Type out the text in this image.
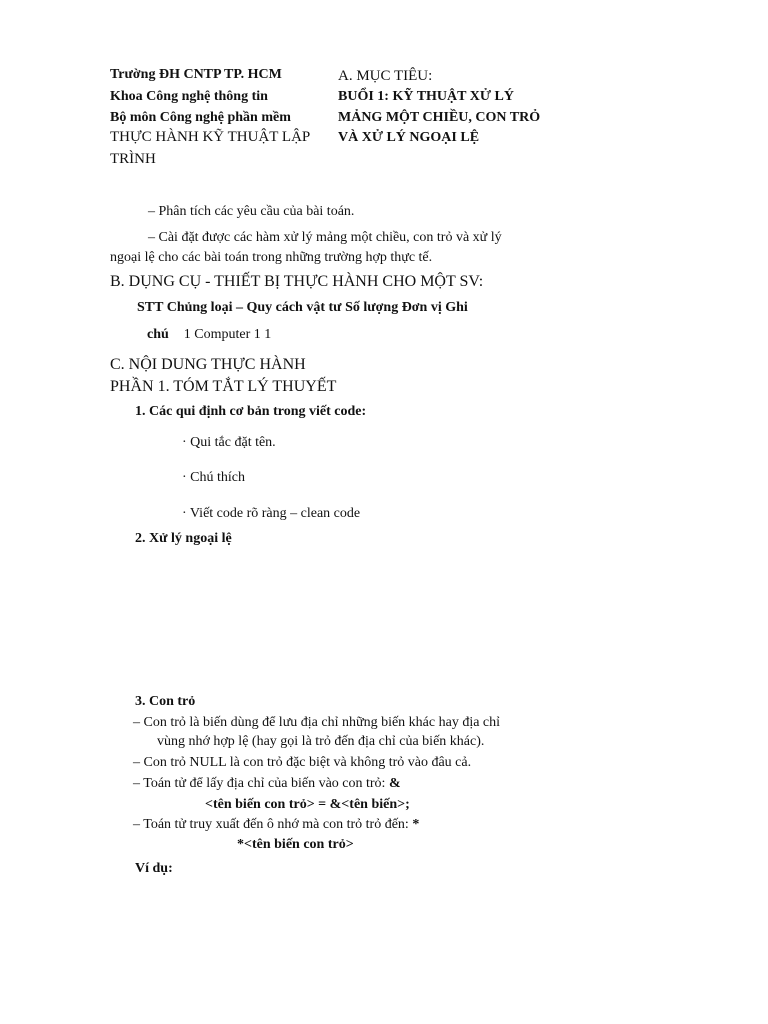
Trường ĐH CNTP TP. HCM
Khoa Công nghệ thông tin
Bộ môn Công nghệ phần mềm
THỰC HÀNH KỸ THUẬT LẬP
TRÌNH
A. MỤC TIÊU:
BUỔI 1: KỸ THUẬT XỬ LÝ
MẢNG MỘT CHIỀU, CON TRỎ
VÀ XỬ LÝ NGOẠI LỆ
– Phân tích các yêu cầu của bài toán.
– Cài đặt được các hàm xử lý mảng một chiều, con trỏ và xử lý
ngoại lệ cho các bài toán trong những trường hợp thực tế.
B. DỤNG CỤ - THIẾT BỊ THỰC HÀNH CHO MỘT SV:
STT Chủng loại – Quy cách vật tư Số lượng Đơn vị Ghi
chú 1 Computer 1 1
C. NỘI DUNG THỰC HÀNH
PHẦN 1. TÓM TẮT LÝ THUYẾT
1. Các qui định cơ bản trong viết code:
· Qui tắc đặt tên.
· Chú thích
· Viết code rõ ràng – clean code
2. Xử lý ngoại lệ
3. Con trỏ
– Con trỏ là biến dùng để lưu địa chỉ những biến khác hay địa chỉ
vùng nhớ hợp lệ (hay gọi là trỏ đến địa chỉ của biến khác).
– Con trỏ NULL là con trỏ đặc biệt và không trỏ vào đâu cả.
– Toán tử để lấy địa chỉ của biến vào con trỏ: &
<tên biến con trỏ> = &<tên biến>;
– Toán tử truy xuất đến ô nhớ mà con trỏ trỏ đến: *
*<tên biến con trỏ>
Ví dụ:
